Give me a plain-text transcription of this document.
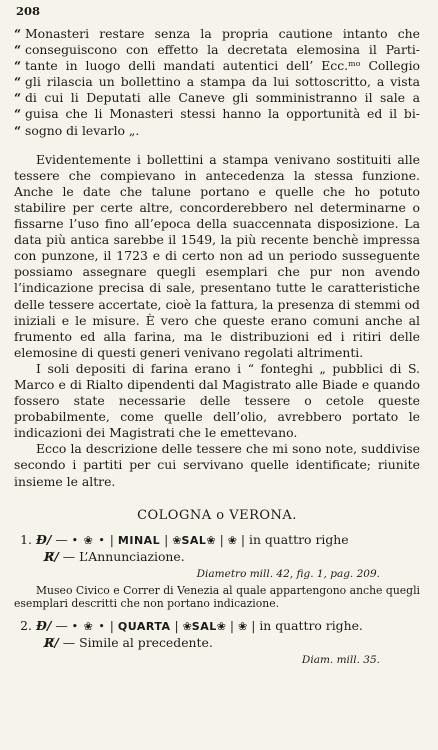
208
“ Monasteri restare senza la propria cautione intanto che
“ conseguiscono con effetto la decretata elemosina il Parti-
“ tante in luogo delli mandati autentici dell’ Ecc.ᵐᵒ Collegio
“ gli rilascia un bollettino a stampa da lui sottoscritto, a vista
“ di cui li Deputati alle Caneve gli somministranno il sale a
“ guisa che li Monasteri stessi hanno la opportunità ed il bi-
“ sogno di levarlo „.

Evidentemente i bollettini a stampa venivano sostituiti alle tessere che compievano in antecedenza la stessa funzione. Anche le date che talune portano e quelle che ho potuto stabilire per certe altre, concorderebbero nel determinarne o fissarne l’uso fino all’epoca della suaccennata disposizione. La data più antica sarebbe il 1549, la più recente benchè impressa con punzone, il 1723 e di certo non ad un periodo susseguente possiamo assegnare quegli esemplari che pur non avendo l’indicazione precisa di sale, presentano tutte le caratteristiche delle tessere accertate, cioè la fattura, la presenza di stemmi od iniziali e le misure. È vero che queste erano comuni anche al frumento ed alla farina, ma le distribuzioni ed i ritiri delle elemosine di questi generi venivano regolati altrimenti.

I soli depositi di farina erano i “ fonteghi „ pubblici di S. Marco e di Rialto dipendenti dal Magistrato alle Biade e quando fossero state necessarie delle tessere o cetole queste probabilmente, come quelle dell’olio, avrebbero portato le indicazioni dei Magistrati che le emettevano.

Ecco la descrizione delle tessere che mi sono note, suddivise secondo i partiti per cui servivano quelle identificate; riunite insieme le altre.

COLOGNA o VERONA.
1. Đ/ — • ❀ • | MINAL | ❀SAL❀ | ❀ | in quattro righe
R̸/ — L’Annunciazione.
Diametro mill. 42, fig. 1, pag. 209.
Museo Civico e Correr di Venezia al quale appartengono anche quegli esemplari descritti che non portano indicazione.
2. Đ/ — • ❀ • | QUARTA | ❀SAL❀ | ❀ | in quattro righe.
R̸/ — Simile al precedente.
Diam. mill. 35.
